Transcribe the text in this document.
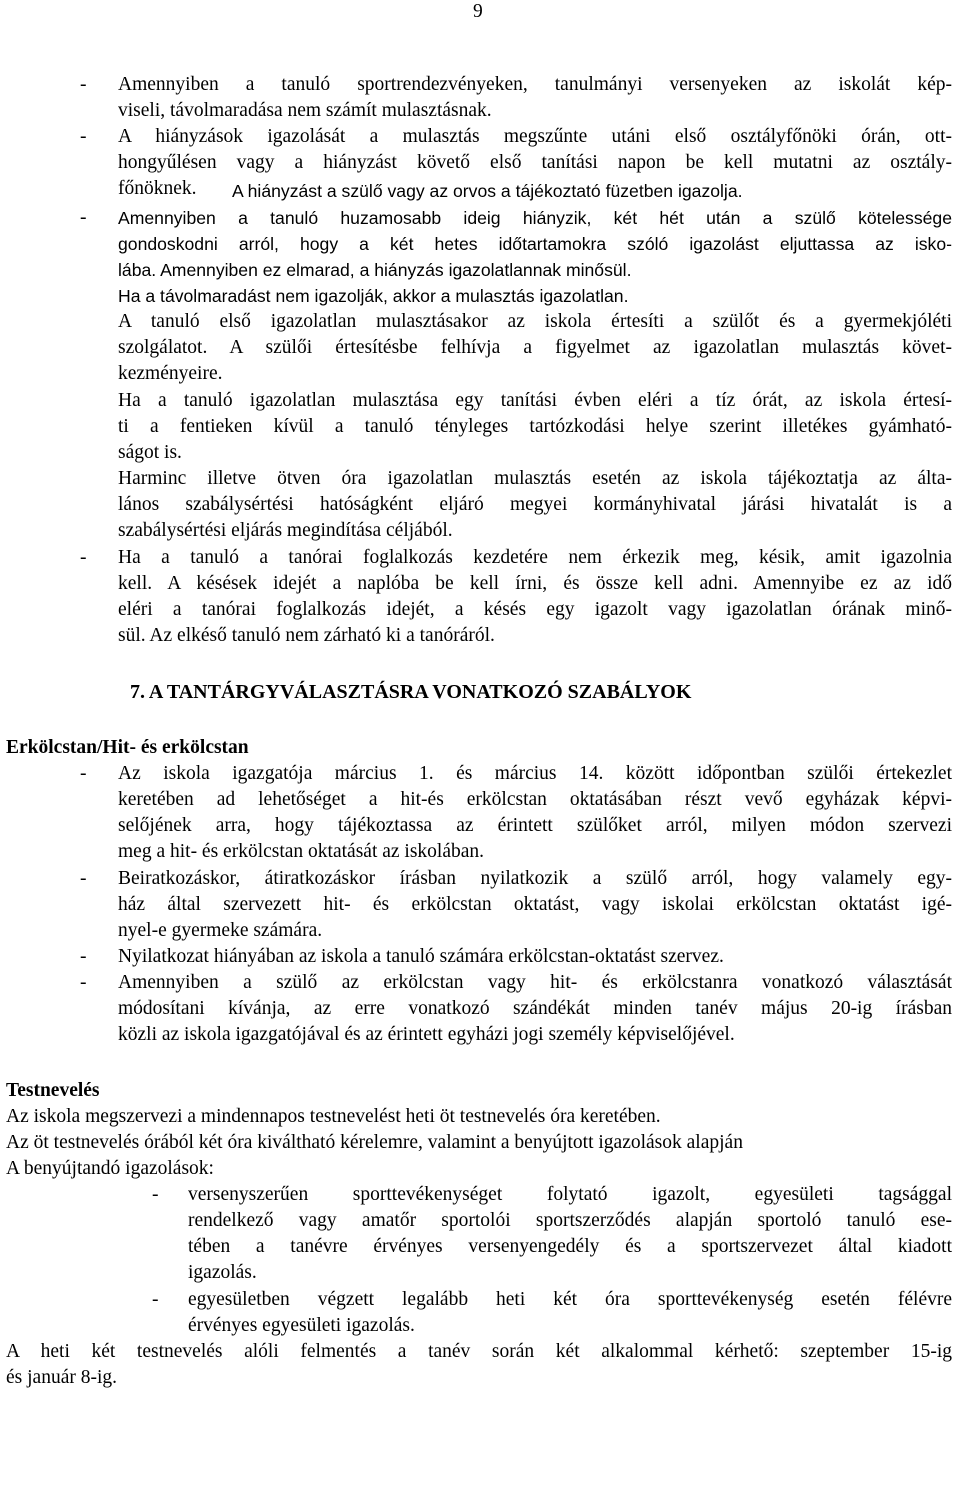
9
- Amennyiben a tanuló sportrendezvényeken, tanulmányi versenyeken az iskolát kép-
viseli, távolmaradása nem számít mulasztásnak.
- A hiányzások igazolását a mulasztás megszűnte utáni első osztályfőnöki órán, ott-
hongyűlésen vagy a hiányzást követő első tanítási napon be kell mutatni az osztály-
főnöknek. A hiányzást a szülő vagy az orvos a tájékoztató füzetben igazolja.
- Amennyiben a tanuló huzamosabb ideig hiányzik, két hét után a szülő kötelessége
gondoskodni arról, hogy a két hetes időtartamokra szóló igazolást eljuttassa az isko-
lába. Amennyiben ez elmarad, a hiányzás igazolatlannak minősül.
Ha a távolmaradást nem igazolják, akkor a mulasztás igazolatlan.
A tanuló első igazolatlan mulasztásakor az iskola értesíti a szülőt és a gyermekjóléti
szolgálatot. A szülői értesítésbe felhívja a figyelmet az igazolatlan mulasztás követ-
kezményeire.
Ha a tanuló igazolatlan mulasztása egy tanítási évben eléri a tíz órát, az iskola értesí-
ti a fentieken kívül a tanuló tényleges tartózkodási helye szerint illetékes gyámható-
ságot is.
Harminc illetve ötven óra igazolatlan mulasztás esetén az iskola tájékoztatja az álta-
lános szabálysértési hatóságként eljáró megyei kormányhivatal járási hivatalát is a
szabálysértési eljárás megindítása céljából.
- Ha a tanuló a tanórai foglalkozás kezdetére nem érkezik meg, késik, amit igazolnia
kell. A késések idejét a naplóba be kell írni, és össze kell adni. Amennyibe ez az idő
eléri a tanórai foglalkozás idejét, a késés egy igazolt vagy igazolatlan órának minő-
sül. Az elkéső tanuló nem zárható ki a tanóráról.
7. A TANTÁRGYVÁLASZTÁSRA VONATKOZÓ SZABÁLYOK
Erkölcstan/Hit- és erkölcstan
- Az iskola igazgatója március 1. és március 14. között időpontban szülői értekezlet
keretében ad lehetőséget a hit-és erkölcstan oktatásában részt vevő egyházak képvi-
selőjének arra, hogy tájékoztassa az érintett szülőket arról, milyen módon szervezi
meg a hit- és erkölcstan oktatását az iskolában.
- Beiratkozáskor, átiratkozáskor írásban nyilatkozik a szülő arról, hogy valamely egy-
ház által szervezett hit- és erkölcstan oktatást, vagy iskolai erkölcstan oktatást igé-
nyel-e gyermeke számára.
- Nyilatkozat hiányában az iskola a tanuló számára erkölcstan-oktatást szervez.
- Amennyiben a szülő az erkölcstan vagy hit- és erkölcstanra vonatkozó választását
módosítani kívánja, az erre vonatkozó szándékát minden tanév május 20-ig írásban
közli az iskola igazgatójával és az érintett egyházi jogi személy képviselőjével.
Testnevelés
Az iskola megszervezi a mindennapos testnevelést heti öt testnevelés óra keretében.
Az öt testnevelés órából két óra kiváltható kérelemre, valamint a benyújtott igazolások alapján
A benyújtandó igazolások:
- versenyszerűen sporttevékenységet folytató igazolt, egyesületi tagsággal
rendelkező vagy amatőr sportolói sportszerződés alapján sportoló tanuló ese-
tében a tanévre érvényes versenyengedély és a sportszervezet által kiadott
igazolás.
- egyesületben végzett legalább heti két óra sporttevékenység esetén félévre
érvényes egyesületi igazolás.
A heti két testnevelés alóli felmentés a tanév során két alkalommal kérhető: szeptember 15-ig
és január 8-ig.
